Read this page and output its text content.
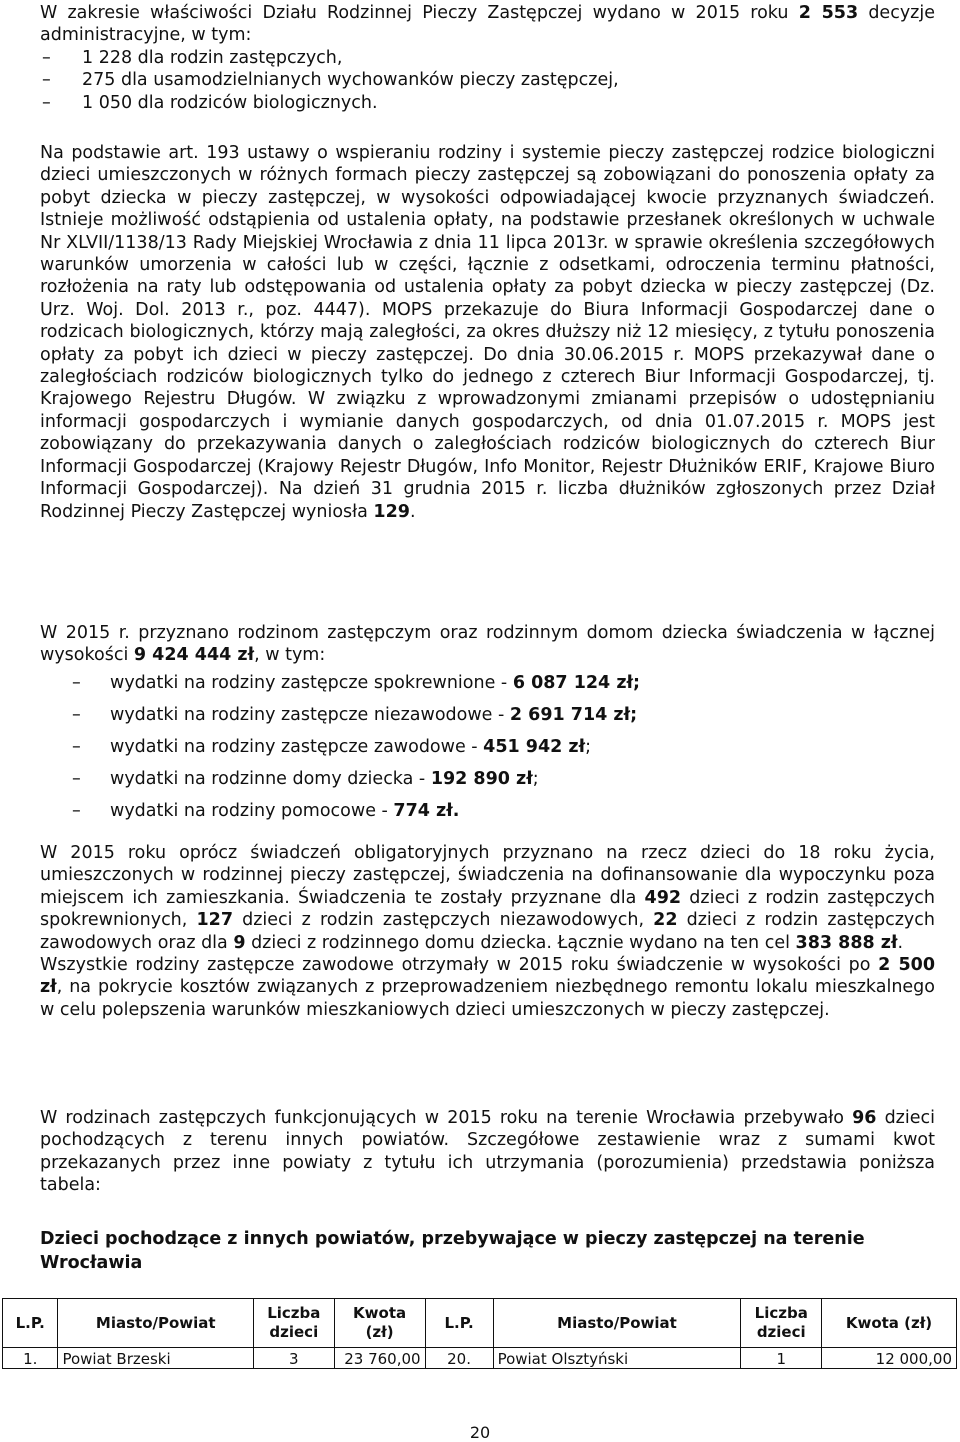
W zakresie właściwości Działu Rodzinnej Pieczy Zastępczej wydano w 2015 roku 2 553 decyzje administracyjne, w tym:

–	1 228 dla rodzin zastępczych,
–	275 dla usamodzielnianych wychowanków pieczy zastępczej,
–	1 050 dla rodziców biologicznych.

Na podstawie art. 193 ustawy o wspieraniu rodziny i systemie pieczy zastępczej rodzice biologiczni dzieci umieszczonych w różnych formach pieczy zastępczej są zobowiązani do ponoszenia opłaty za pobyt dziecka w pieczy zastępczej, w wysokości odpowiadającej kwocie przyznanych świadczeń. Istnieje możliwość odstąpienia od ustalenia opłaty, na podstawie przesłanek określonych w uchwale Nr XLVII/1138/13 Rady Miejskiej Wrocławia z dnia 11 lipca 2013r. w sprawie określenia szczegółowych warunków umorzenia w całości lub w części, łącznie z odsetkami, odroczenia terminu płatności, rozłożenia na raty lub odstępowania od ustalenia opłaty za pobyt dziecka w pieczy zastępczej (Dz. Urz. Woj. Dol. 2013 r., poz. 4447). MOPS przekazuje do Biura Informacji Gospodarczej dane o rodzicach biologicznych, którzy mają zaległości, za okres dłuższy niż 12 miesięcy, z tytułu ponoszenia opłaty za pobyt ich dzieci w pieczy zastępczej. Do dnia 30.06.2015 r. MOPS przekazywał dane o zaległościach rodziców biologicznych tylko do jednego z czterech Biur Informacji Gospodarczej, tj. Krajowego Rejestru Długów. W związku z wprowadzonymi zmianami przepisów o udostępnianiu informacji gospodarczych i wymianie danych gospodarczych, od dnia 01.07.2015 r. MOPS jest zobowiązany do przekazywania danych o zaległościach rodziców biologicznych do czterech Biur Informacji Gospodarczej (Krajowy Rejestr Długów, Info Monitor, Rejestr Dłużników ERIF, Krajowe Biuro Informacji Gospodarczej). Na dzień 31 grudnia 2015 r. liczba dłużników zgłoszonych przez Dział Rodzinnej Pieczy Zastępczej wyniosła 129.

W 2015 r. przyznano rodzinom zastępczym oraz rodzinnym domom dziecka świadczenia w łącznej wysokości 9 424 444 zł, w tym:

–	wydatki na rodziny zastępcze spokrewnione - 6 087 124 zł;
–	wydatki na rodziny zastępcze niezawodowe - 2 691 714 zł;
–	wydatki na rodziny zastępcze zawodowe - 451 942 zł;
–	wydatki na rodzinne domy dziecka - 192 890 zł;
–	wydatki na rodziny pomocowe - 774 zł.

W 2015 roku oprócz świadczeń obligatoryjnych przyznano na rzecz dzieci do 18 roku życia, umieszczonych w rodzinnej pieczy zastępczej, świadczenia na dofinansowanie dla wypoczynku poza miejscem ich zamieszkania. Świadczenia te zostały przyznane dla 492 dzieci z rodzin zastępczych spokrewnionych, 127 dzieci z rodzin zastępczych niezawodowych, 22 dzieci z rodzin zastępczych zawodowych oraz dla 9 dzieci z rodzinnego domu dziecka. Łącznie wydano na ten cel 383 888 zł.

Wszystkie rodziny zastępcze zawodowe otrzymały w 2015 roku świadczenie w wysokości po 2 500 zł, na pokrycie kosztów związanych z przeprowadzeniem niezbędnego remontu lokalu mieszkalnego w celu polepszenia warunków mieszkaniowych dzieci umieszczonych w pieczy zastępczej.

W rodzinach zastępczych funkcjonujących w 2015 roku na terenie Wrocławia przebywało 96 dzieci pochodzących z terenu innych powiatów. Szczegółowe zestawienie wraz z sumami kwot przekazanych przez inne powiaty z tytułu ich utrzymania (porozumienia) przedstawia poniższa tabela:

Dzieci pochodzące z innych powiatów, przebywające w pieczy zastępczej na terenie Wrocławia
L.P.	Miasto/Powiat	Liczba dzieci	Kwota (zł)	L.P.	Miasto/Powiat	Liczba dzieci	Kwota (zł)
1.	Powiat Brzeski	3	23 760,00	20.	Powiat Olsztyński	1	12 000,00
20
